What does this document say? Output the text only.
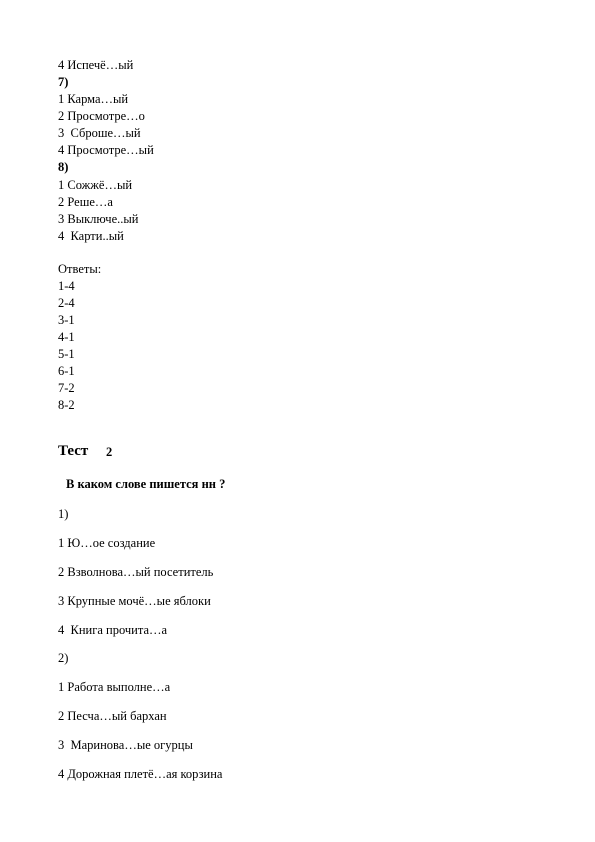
4 Испечё…ый
7)
1 Карма…ый
2 Просмотре…о
3  Сброше…ый
4 Просмотре…ый
8)
1 Сожжё…ый
2 Реше…а
3 Выключе..ый
4  Карти..ый
Ответы:
1-4
2-4
3-1
4-1
5-1
6-1
7-2
8-2
Тест 2
В каком слове пишется нн ?
1)
1 Ю…ое создание
2 Взволнова…ый посетитель
3 Крупные мочё…ые яблоки
4  Книга прочита…а
2)
1 Работа выполне…а
2 Песча…ый бархан
3  Маринова…ые огурцы
4 Дорожная плетё…ая корзина
